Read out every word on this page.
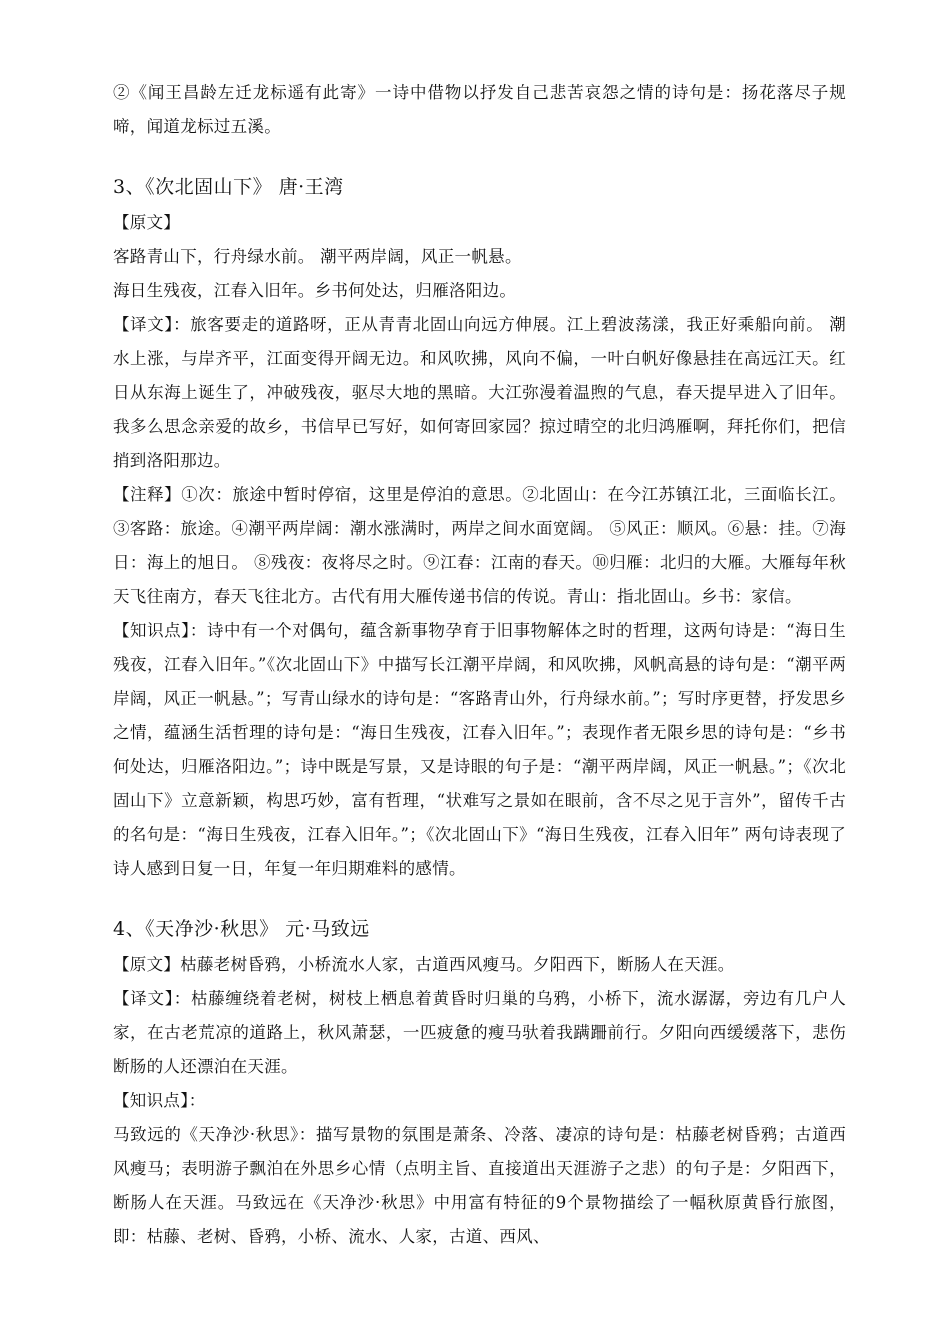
②《闻王昌龄左迁龙标遥有此寄》一诗中借物以抒发自己悲苦哀怨之情的诗句是：扬花落尽子规啼，闻道龙标过五溪。

3、《次北固山下》 唐·王湾

【原文】

客路青山下，行舟绿水前。 潮平两岸阔，风正一帆悬。

海日生残夜，江春入旧年。乡书何处达，归雁洛阳边。

【译文】：旅客要走的道路呀，正从青青北固山向远方伸展。江上碧波荡漾，我正好乘船向前。 潮水上涨，与岸齐平，江面变得开阔无边。和风吹拂，风向不偏，一叶白帆好像悬挂在高远江天。红日从东海上诞生了，冲破残夜，驱尽大地的黑暗。大江弥漫着温煦的气息，春天提早进入了旧年。我多么思念亲爱的故乡，书信早已写好，如何寄回家园？掠过晴空的北归鸿雁啊，拜托你们，把信捎到洛阳那边。

【注释】①次：旅途中暂时停宿，这里是停泊的意思。②北固山：在今江苏镇江北，三面临长江。 ③客路：旅途。④潮平两岸阔：潮水涨满时，两岸之间水面宽阔。 ⑤风正：顺风。⑥悬：挂。⑦海日：海上的旭日。 ⑧残夜：夜将尽之时。⑨江春：江南的春天。⑩归雁：北归的大雁。大雁每年秋天飞往南方，春天飞往北方。古代有用大雁传递书信的传说。青山：指北固山。乡书：家信。

【知识点】：诗中有一个对偶句，蕴含新事物孕育于旧事物解体之时的哲理，这两句诗是：“海日生残夜，江春入旧年。”《次北固山下》中描写长江潮平岸阔，和风吹拂，风帆高悬的诗句是：“潮平两岸阔，风正一帆悬。”；写青山绿水的诗句是：“客路青山外，行舟绿水前。”；写时序更替，抒发思乡之情，蕴涵生活哲理的诗句是：“海日生残夜，江春入旧年。”；表现作者无限乡思的诗句是：“乡书何处达，归雁洛阳边。”；诗中既是写景，又是诗眼的句子是：“潮平两岸阔，风正一帆悬。”；《次北固山下》立意新颖，构思巧妙，富有哲理，“状难写之景如在眼前，含不尽之见于言外”，留传千古的名句是：“海日生残夜，江春入旧年。”；《次北固山下》“海日生残夜，江春入旧年” 两句诗表现了诗人感到日复一日，年复一年归期难料的感情。

4、《天净沙·秋思》 元·马致远

【原文】枯藤老树昏鸦，小桥流水人家，古道西风瘦马。夕阳西下，断肠人在天涯。

【译文】：枯藤缠绕着老树，树枝上栖息着黄昏时归巢的乌鸦，小桥下，流水潺潺，旁边有几户人家，在古老荒凉的道路上，秋风萧瑟，一匹疲惫的瘦马驮着我蹒跚前行。夕阳向西缓缓落下，悲伤断肠的人还漂泊在天涯。

【知识点】：

马致远的《天净沙·秋思》：描写景物的氛围是萧条、冷落、凄凉的诗句是：枯藤老树昏鸦；古道西风瘦马；表明游子飘泊在外思乡心情（点明主旨、直接道出天涯游子之悲）的句子是：夕阳西下，断肠人在天涯。马致远在《天净沙·秋思》中用富有特征的9个景物描绘了一幅秋原黄昏行旅图，即：枯藤、老树、昏鸦，小桥、流水、人家，古道、西风、
